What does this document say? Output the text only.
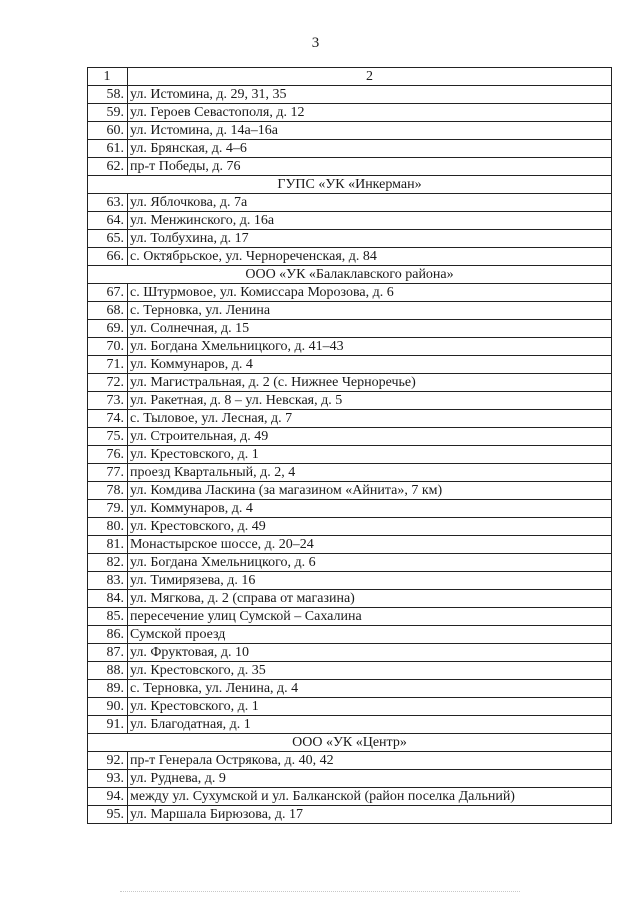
3
1	2
58.	ул. Истомина, д. 29, 31, 35
59.	ул. Героев Севастополя, д. 12
60.	ул. Истомина, д. 14а–16а
61.	ул. Брянская, д. 4–6
62.	пр-т Победы, д. 76
ГУПС «УК «Инкерман»	
63.	ул. Яблочкова, д. 7а
64.	ул. Менжинского, д. 16а
65.	ул. Толбухина, д. 17
66.	с. Октябрьское, ул. Чернореченская, д. 84
ООО «УК «Балаклавского района»	
67.	с. Штурмовое, ул. Комиссара Морозова, д. 6
68.	с. Терновка, ул. Ленина
69.	ул. Солнечная, д. 15
70.	ул. Богдана Хмельницкого, д. 41–43
71.	ул. Коммунаров, д. 4
72.	ул. Магистральная, д. 2 (с. Нижнее Черноречье)
73.	ул. Ракетная, д. 8 – ул. Невская, д. 5
74.	с. Тыловое, ул. Лесная, д. 7
75.	ул. Строительная, д. 49
76.	ул. Крестовского, д. 1
77.	проезд Квартальный, д. 2, 4
78.	ул. Комдива Ласкина (за магазином «Айнита», 7 км)
79.	ул. Коммунаров, д. 4
80.	ул. Крестовского, д. 49
81.	Монастырское шоссе, д. 20–24
82.	ул. Богдана Хмельницкого, д. 6
83.	ул. Тимирязева, д. 16
84.	ул. Мягкова, д. 2 (справа от магазина)
85.	пересечение улиц Сумской – Сахалина
86.	Сумской проезд
87.	ул. Фруктовая, д. 10
88.	ул. Крестовского, д. 35
89.	с. Терновка, ул. Ленина, д. 4
90.	ул. Крестовского, д. 1
91.	ул. Благодатная, д. 1
ООО «УК «Центр»	
92.	пр-т Генерала Острякова, д. 40, 42
93.	ул. Руднева, д. 9
94.	между ул. Сухумской и ул. Балканской (район поселка Дальний)
95.	ул. Маршала Бирюзова, д. 17
